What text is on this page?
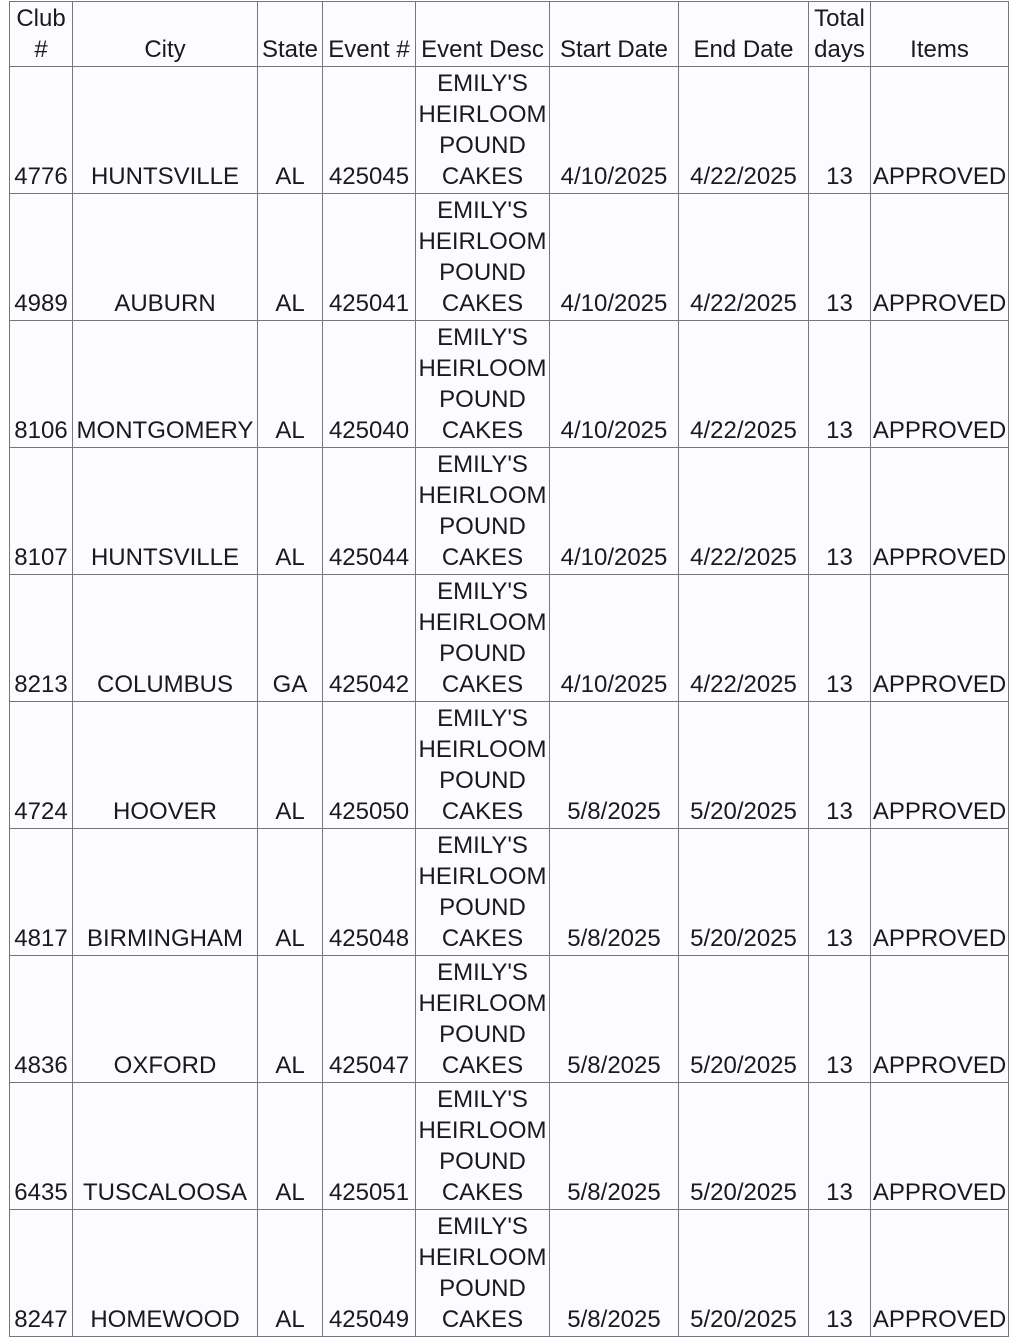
Club #	City	State	Event #	Event Desc	Start Date	End Date	Total days	Items
4776	HUNTSVILLE	AL	425045	EMILY'S HEIRLOOM POUND CAKES	4/10/2025	4/22/2025	13	APPROVED
4989	AUBURN	AL	425041	EMILY'S HEIRLOOM POUND CAKES	4/10/2025	4/22/2025	13	APPROVED
8106	MONTGOMERY	AL	425040	EMILY'S HEIRLOOM POUND CAKES	4/10/2025	4/22/2025	13	APPROVED
8107	HUNTSVILLE	AL	425044	EMILY'S HEIRLOOM POUND CAKES	4/10/2025	4/22/2025	13	APPROVED
8213	COLUMBUS	GA	425042	EMILY'S HEIRLOOM POUND CAKES	4/10/2025	4/22/2025	13	APPROVED
4724	HOOVER	AL	425050	EMILY'S HEIRLOOM POUND CAKES	5/8/2025	5/20/2025	13	APPROVED
4817	BIRMINGHAM	AL	425048	EMILY'S HEIRLOOM POUND CAKES	5/8/2025	5/20/2025	13	APPROVED
4836	OXFORD	AL	425047	EMILY'S HEIRLOOM POUND CAKES	5/8/2025	5/20/2025	13	APPROVED
6435	TUSCALOOSA	AL	425051	EMILY'S HEIRLOOM POUND CAKES	5/8/2025	5/20/2025	13	APPROVED
8247	HOMEWOOD	AL	425049	EMILY'S HEIRLOOM POUND CAKES	5/8/2025	5/20/2025	13	APPROVED
